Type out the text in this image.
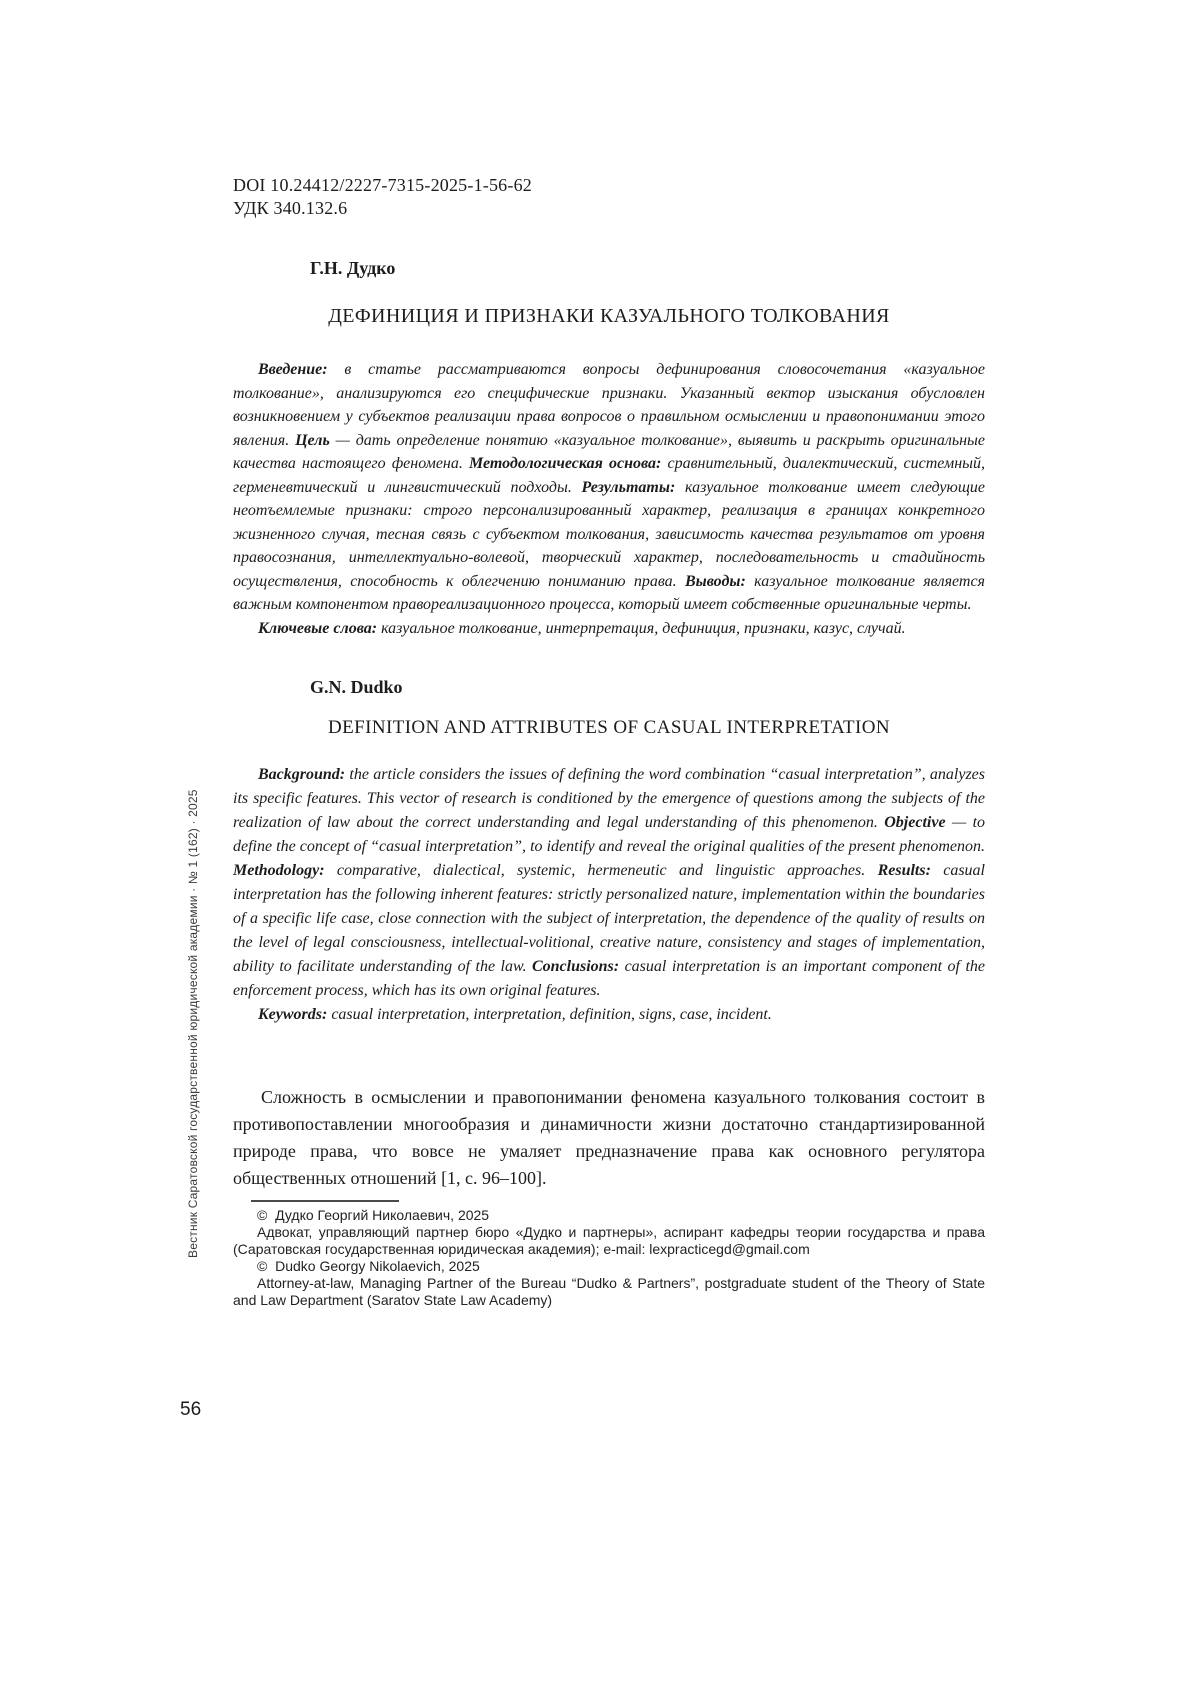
Вестник Саратовской государственной юридической академии · № 1 (162) · 2025
56

DOI 10.24412/2227-7315-2025-1-56-62

УДК 340.132.6

Г.Н. Дудко

ДЕФИНИЦИЯ И ПРИЗНАКИ КАЗУАЛЬНОГО ТОЛКОВАНИЯ

Введение: в статье рассматриваются вопросы дефинирования словосочетания «казуальное толкование», анализируются его специфические признаки. Указанный вектор изыскания обусловлен возникновением у субъектов реализации права вопросов о правильном осмыслении и правопонимании этого явления. Цель — дать определение понятию «казуальное толкование», выявить и раскрыть оригинальные качества настоящего феномена. Методологическая основа: сравнительный, диалектический, системный, герменевтический и лингвистический подходы. Результаты: казуальное толкование имеет следующие неотъемлемые признаки: строго персонализированный характер, реализация в границах конкретного жизненного случая, тесная связь с субъектом толкования, зависимость качества результатов от уровня правосознания, интеллектуально-волевой, творческий характер, последовательность и стадийность осуществления, способность к облегчению пониманию права. Выводы: казуальное толкование является важным компонентом правореализационного процесса, который имеет собственные оригинальные черты.

Ключевые слова: казуальное толкование, интерпретация, дефиниция, признаки, казус, случай.

G.N. Dudko

DEFINITION AND ATTRIBUTES OF CASUAL INTERPRETATION

Background: the article considers the issues of defining the word combination “casual interpretation”, analyzes its specific features. This vector of research is conditioned by the emergence of questions among the subjects of the realization of law about the correct understanding and legal understanding of this phenomenon. Objective — to define the concept of “casual interpretation”, to identify and reveal the original qualities of the present phenomenon. Methodology: comparative, dialectical, systemic, hermeneutic and linguistic approaches. Results: casual interpretation has the following inherent features: strictly personalized nature, implementation within the boundaries of a specific life case, close connection with the subject of interpretation, the dependence of the quality of results on the level of legal consciousness, intellectual-volitional, creative nature, consistency and stages of implementation, ability to facilitate understanding of the law. Conclusions: casual interpretation is an important component of the enforcement process, which has its own original features.

Keywords: casual interpretation, interpretation, definition, signs, case, incident.

Сложность в осмыслении и правопонимании феномена казуального толкования состоит в противопоставлении многообразия и динамичности жизни достаточно стандартизированной природе права, что вовсе не умаляет предназначение права как основного регулятора общественных отношений [1, с. 96–100].

©  Дудко Георгий Николаевич, 2025

Адвокат, управляющий партнер бюро «Дудко и партнеры», аспирант кафедры теории государства и права (Саратовская государственная юридическая академия); e-mail: lexpracticegd@gmail.com

©  Dudko Georgy Nikolaevich, 2025

Attorney-at-law, Managing Partner of the Bureau “Dudko & Partners”, postgraduate student of the Theory of State and Law Department (Saratov State Law Academy)
